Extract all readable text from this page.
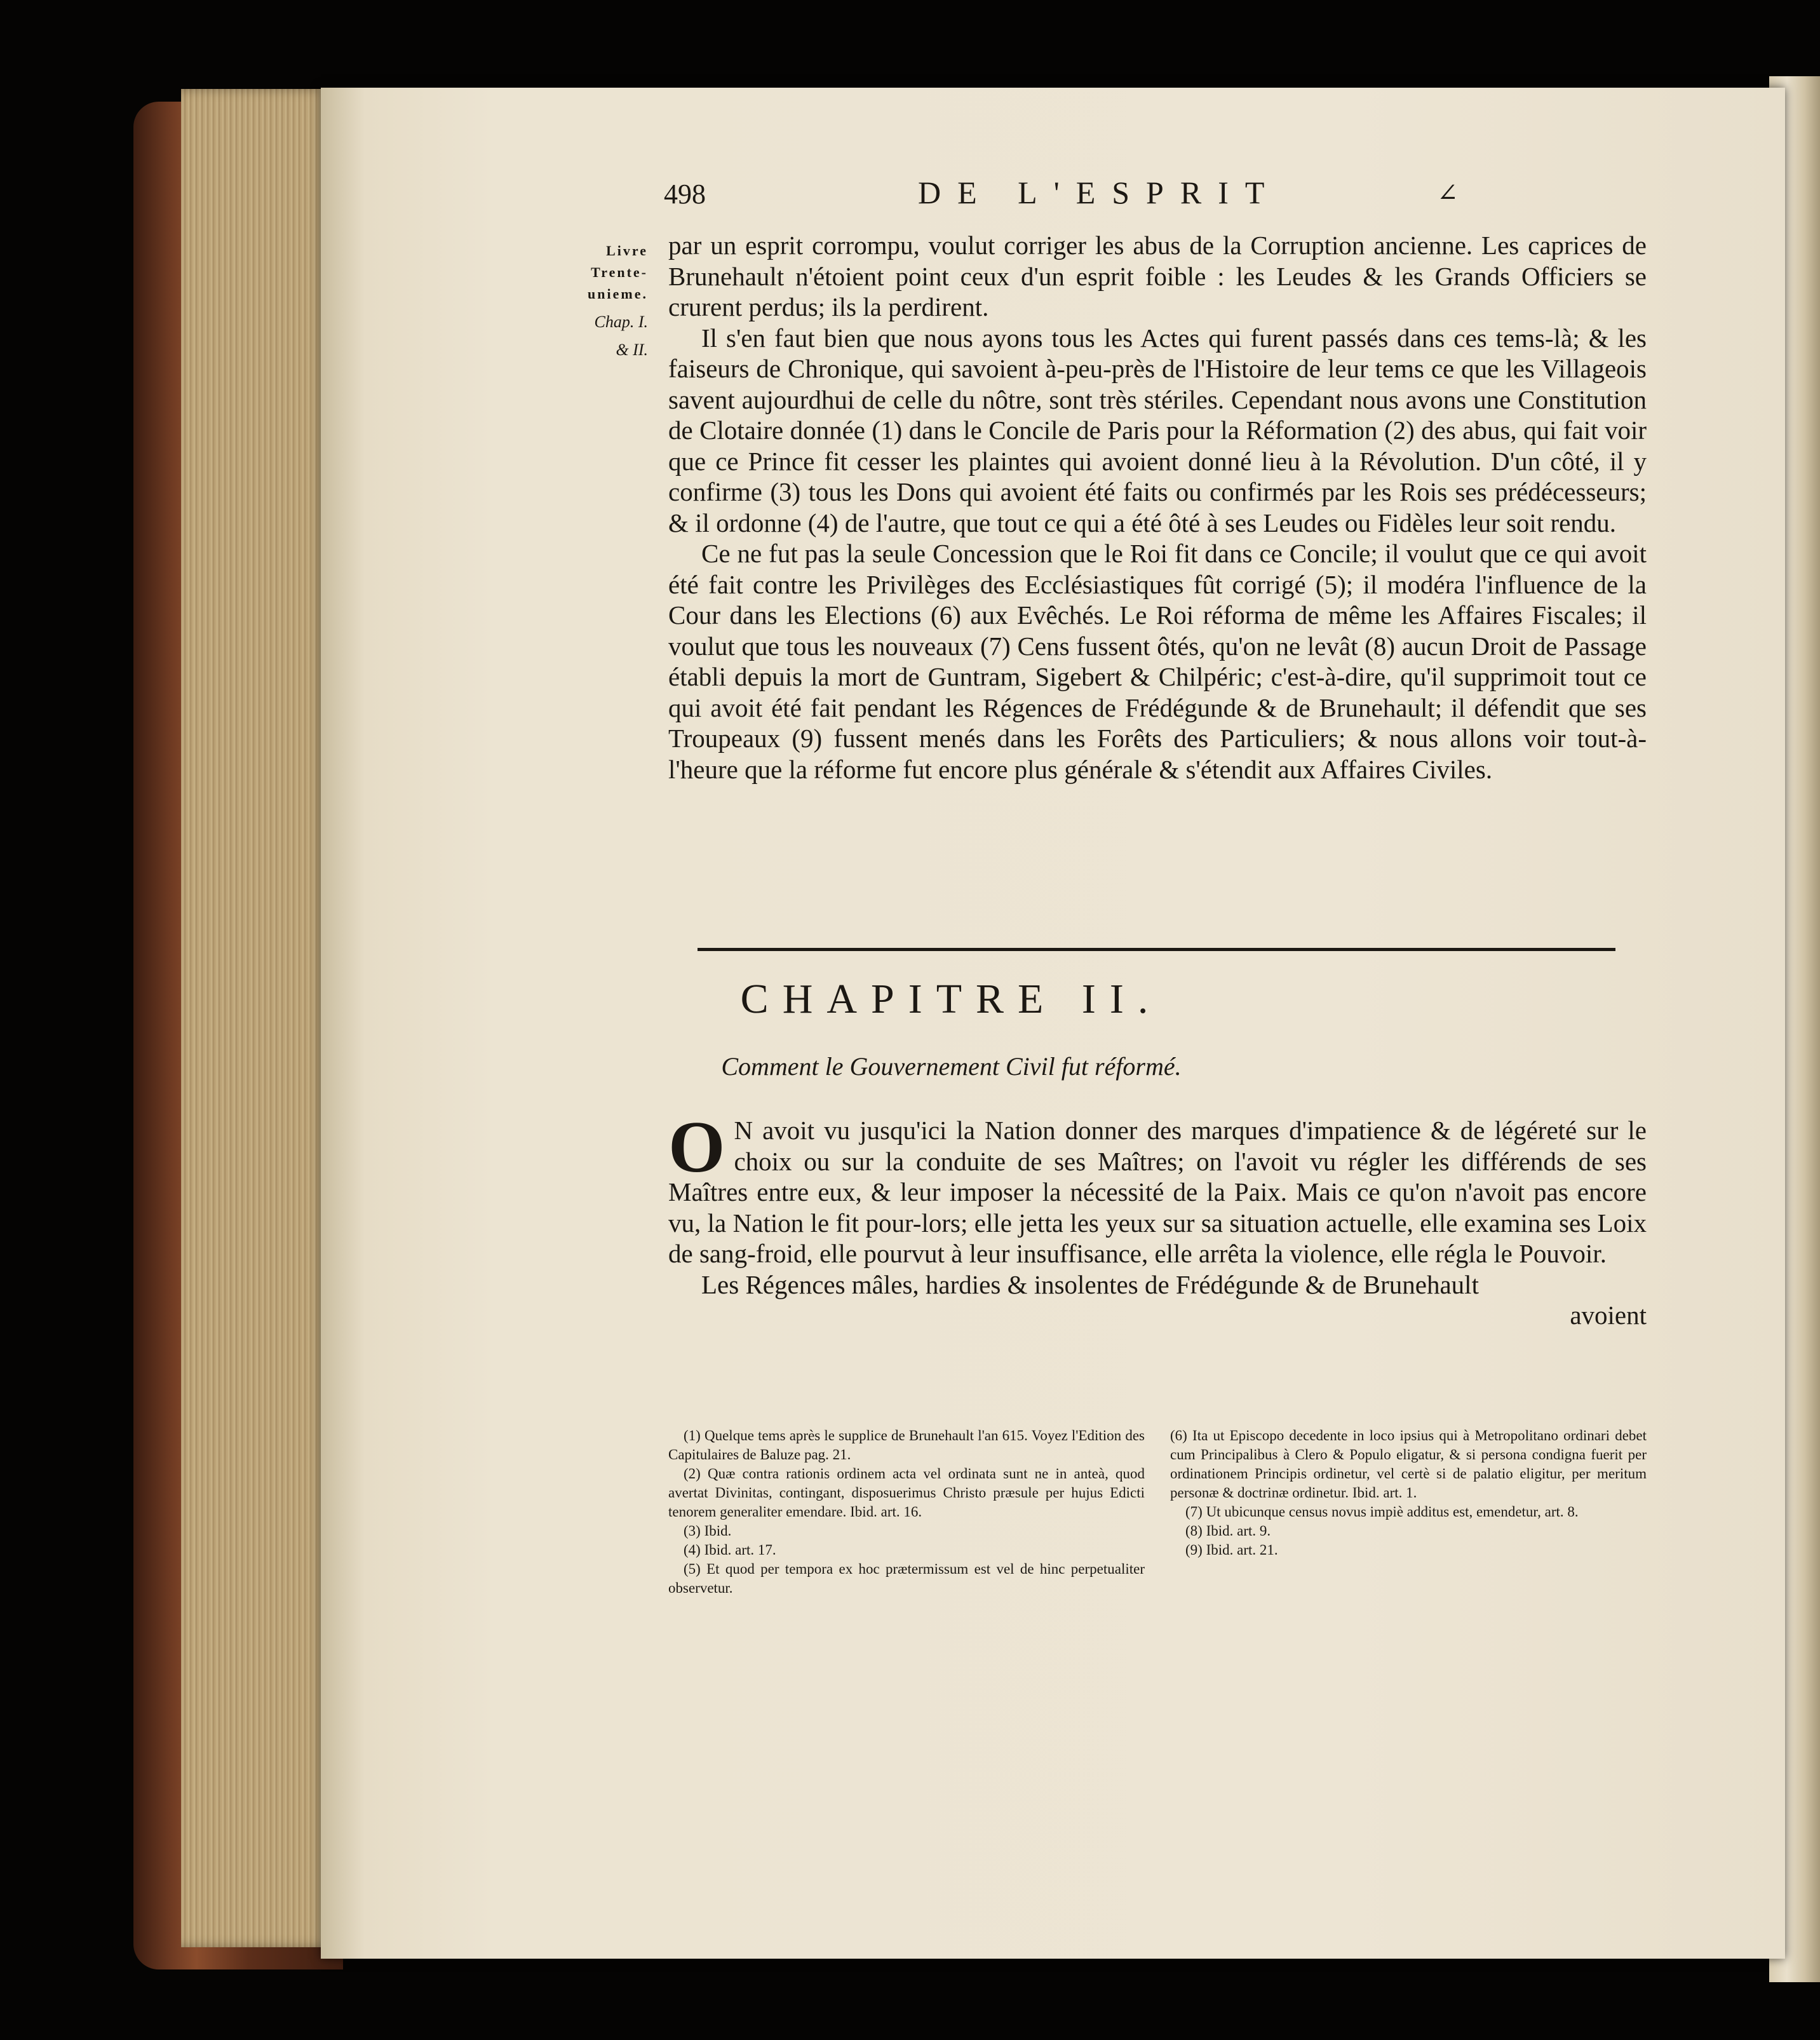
498	DE L'ESPRIT	∠
Livre
Trente-
unieme.
Chap. I.
& II.

par un esprit corrompu, voulut corriger les abus de la Corruption ancienne. Les caprices de Brunehault n'étoient point ceux d'un esprit foible : les Leudes & les Grands Officiers se crurent perdus; ils la perdirent.

Il s'en faut bien que nous ayons tous les Actes qui furent passés dans ces tems-là; & les faiseurs de Chronique, qui savoient à-peu-près de l'Histoire de leur tems ce que les Villageois savent aujourdhui de celle du nôtre, sont très stériles. Cependant nous avons une Constitution de Clotaire donnée (1) dans le Concile de Paris pour la Réformation (2) des abus, qui fait voir que ce Prince fit cesser les plaintes qui avoient donné lieu à la Révolution. D'un côté, il y confirme (3) tous les Dons qui avoient été faits ou confirmés par les Rois ses prédécesseurs; & il ordonne (4) de l'autre, que tout ce qui a été ôté à ses Leudes ou Fidèles leur soit rendu.

Ce ne fut pas la seule Concession que le Roi fit dans ce Concile; il voulut que ce qui avoit été fait contre les Privilèges des Ecclésiastiques fût corrigé (5); il modéra l'influence de la Cour dans les Elections (6) aux Evêchés. Le Roi réforma de même les Affaires Fiscales; il voulut que tous les nouveaux (7) Cens fussent ôtés, qu'on ne levât (8) aucun Droit de Passage établi depuis la mort de Guntram, Sigebert & Chilpéric; c'est-à-dire, qu'il supprimoit tout ce qui avoit été fait pendant les Régences de Frédégunde & de Brunehault; il défendit que ses Troupeaux (9) fussent menés dans les Forêts des Particuliers; & nous allons voir tout-à-l'heure que la réforme fut encore plus générale & s'étendit aux Affaires Civiles.

CHAPITRE II.
Comment le Gouvernement Civil fut réformé.
O N avoit vu jusqu'ici la Nation donner des marques d'impatience & de légéreté sur le choix ou sur la conduite de ses Maîtres; on l'avoit vu régler les différends de ses Maîtres entre eux, & leur imposer la nécessité de la Paix. Mais ce qu'on n'avoit pas encore vu, la Nation le fit pour-lors; elle jetta les yeux sur sa situation actuelle, elle examina ses Loix de sang-froid, elle pourvut à leur insuffisance, elle arrêta la violence, elle régla le Pouvoir.
Les Régences mâles, hardies & insolentes de Frédégunde & de Brunehault
avoient
(1) Quelque tems après le supplice de Brunehault l'an 615. Voyez l'Edition des Capitulaires de Baluze pag. 21.
(2) Quæ contra rationis ordinem acta vel ordinata sunt ne in anteà, quod avertat Divinitas, contingant, disposuerimus Christo præsule per hujus Edicti tenorem generaliter emendare. Ibid. art. 16.
(3) Ibid.
(4) Ibid. art. 17.
(5) Et quod per tempora ex hoc prætermissum est vel de hinc perpetualiter observetur.
(6) Ita ut Episcopo decedente in loco ipsius qui à Metropolitano ordinari debet cum Principalibus à Clero & Populo eligatur, & si persona condigna fuerit per ordinationem Principis ordinetur, vel certè si de palatio eligitur, per meritum personæ & doctrinæ ordinetur. Ibid. art. 1.
(7) Ut ubicunque census novus impiè additus est, emendetur, art. 8.
(8) Ibid. art. 9.
(9) Ibid. art. 21.
